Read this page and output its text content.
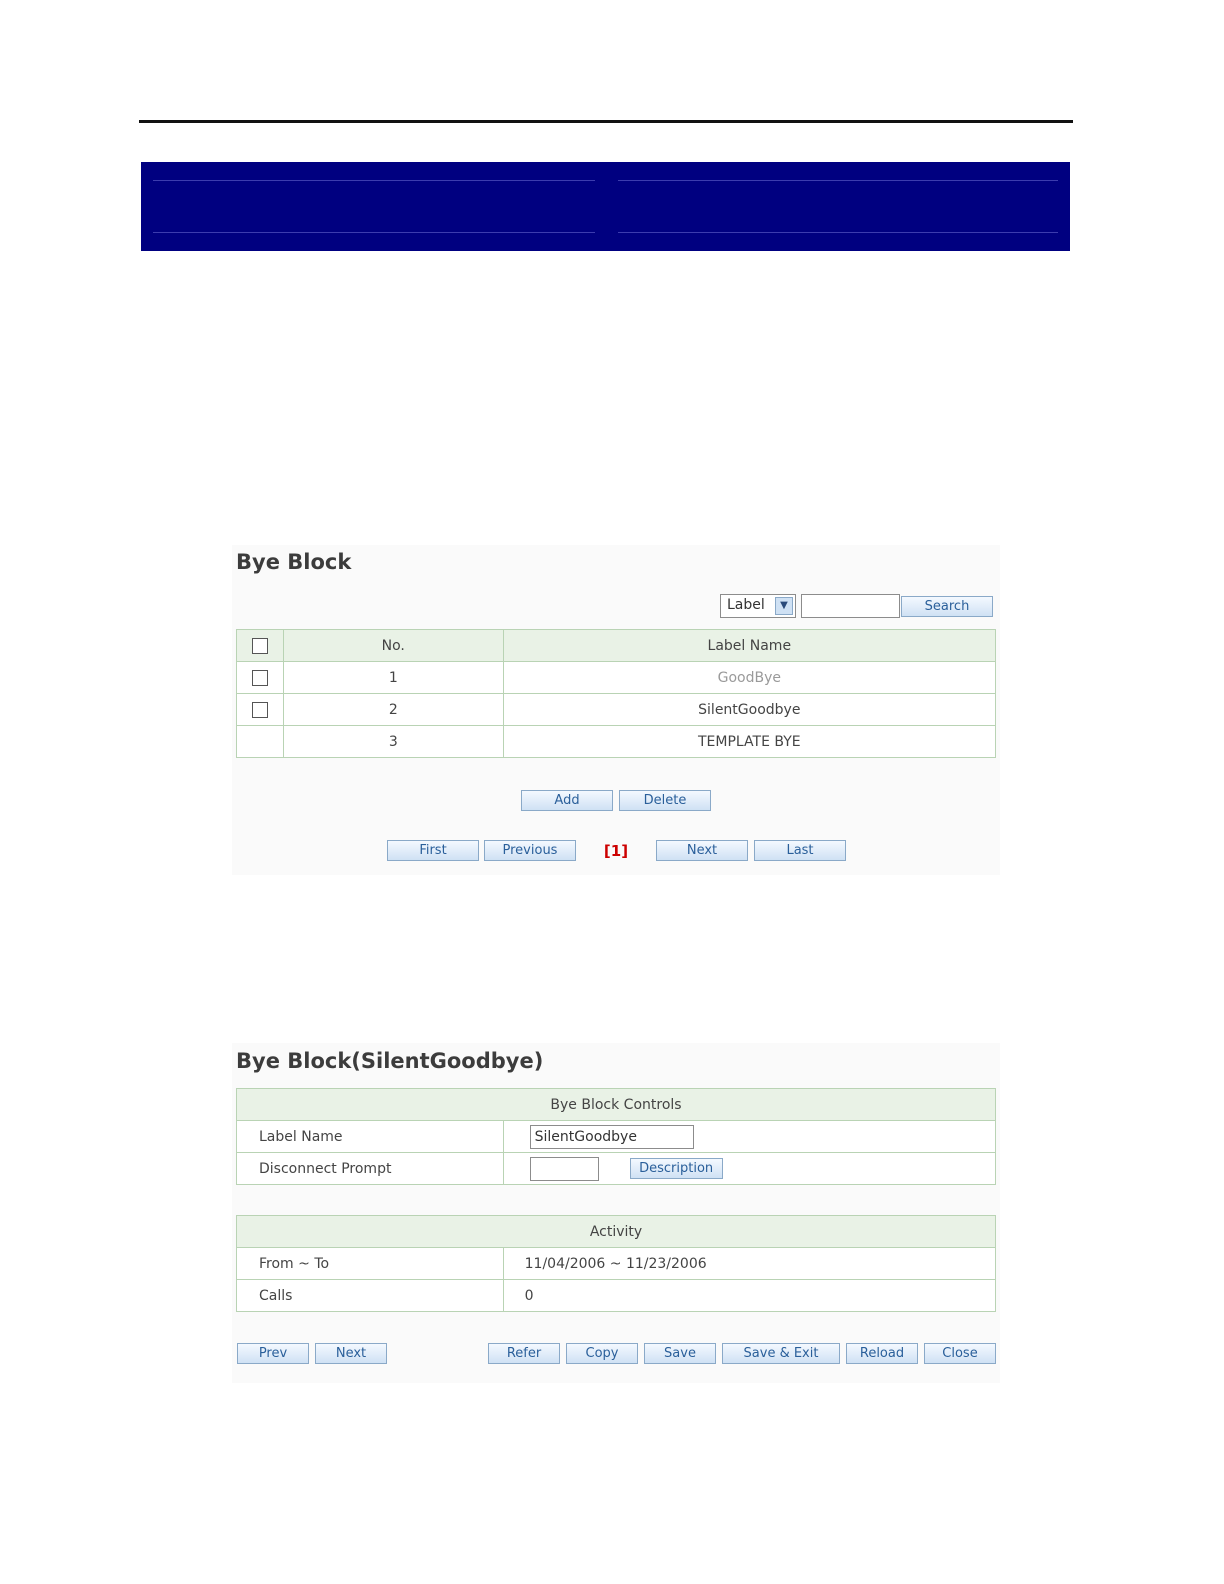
Bye Block
Label	▼	Search
	No.	Label Name
	1	GoodBye
	2	SilentGoodbye
	3	TEMPLATE BYE
Add	Delete
First	Previous	[1]	Next	Last
Bye Block(SilentGoodbye)
Bye Block Controls	
Label Name	SilentGoodbye
Disconnect Prompt	Description
Activity	
From ~ To	11/04/2006 ~ 11/23/2006
Calls	0
Prev	Next	Refer	Copy	Save	Save & Exit	Reload	Close
